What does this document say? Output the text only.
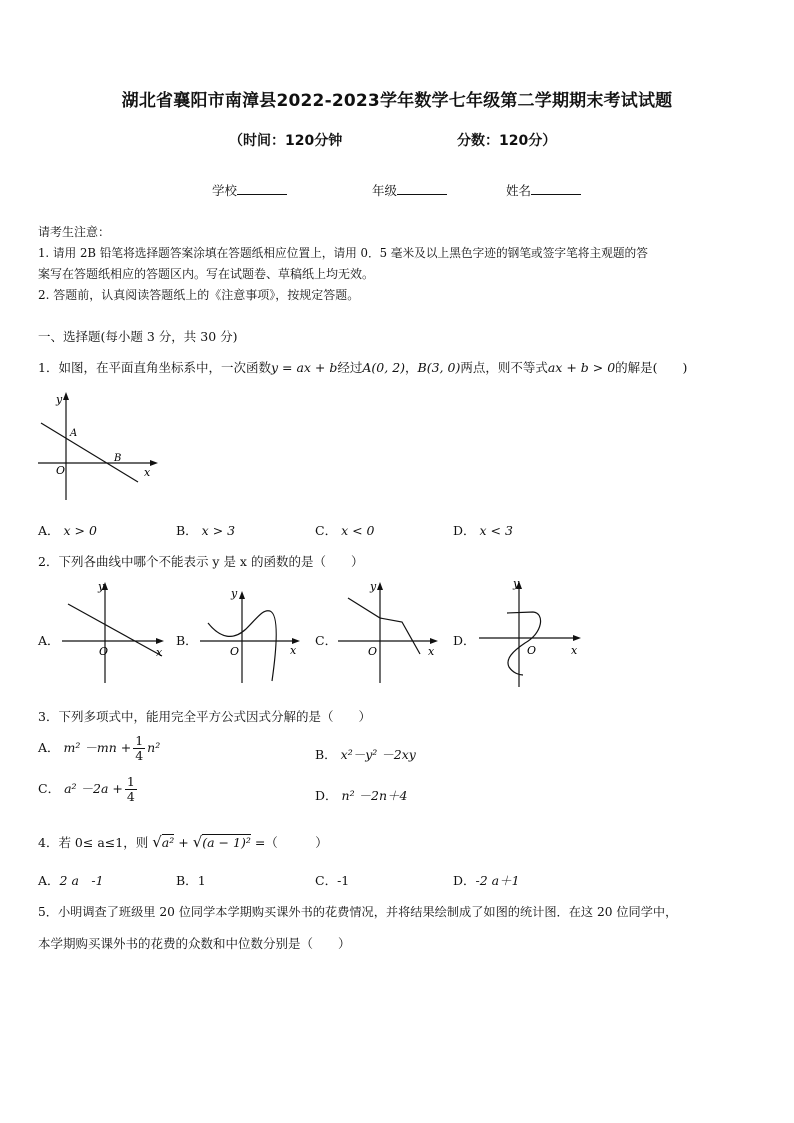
湖北省襄阳市南漳县2022-2023学年数学七年级第二学期期末考试试题
（时间：120分钟	分数：120分）
学校	年级	姓名
请考生注意：
1. 请用 2B 铅笔将选择题答案涂填在答题纸相应位置上，请用 0．5 毫米及以上黑色字迹的钢笔或签字笔将主观题的答
案写在答题纸相应的答题区内。写在试题卷、草稿纸上均无效。
2. 答题前，认真阅读答题纸上的《注意事项》，按规定答题。
一、选择题(每小题 3 分，共 30 分)
1．如图，在平面直角坐标系中，一次函数y = ax + b经过A(0, 2)，B(3, 0)两点，则不等式ax + b > 0的解是(　　)
y
x
O
A
B
A． x > 0	B． x > 3	C． x < 0	D． x < 3
2．下列各曲线中哪个不能表示 y 是 x 的函数的是（　　）
A．
y
x
O
B．
y
x
O
C．
y
x
O
D．
y
x
O
3．下列多项式中，能用完全平方公式因式分解的是（　　）
A． $m^2 -mn + \frac{1}{4} n^2$	B． x²－y² －2xy
C． $a^2 -2a + \frac{1}{4}$	D． n² －2n＋4
4．若 0≤ a≤1，则 √a² + √(a − 1)² =（　　　）
A．2 a　-1	B．1	C．-1	D．-2 a＋1
5．小明调查了班级里 20 位同学本学期购买课外书的花费情况，并将结果绘制成了如图的统计图．在这 20 位同学中，
本学期购买课外书的花费的众数和中位数分别是（　　）
